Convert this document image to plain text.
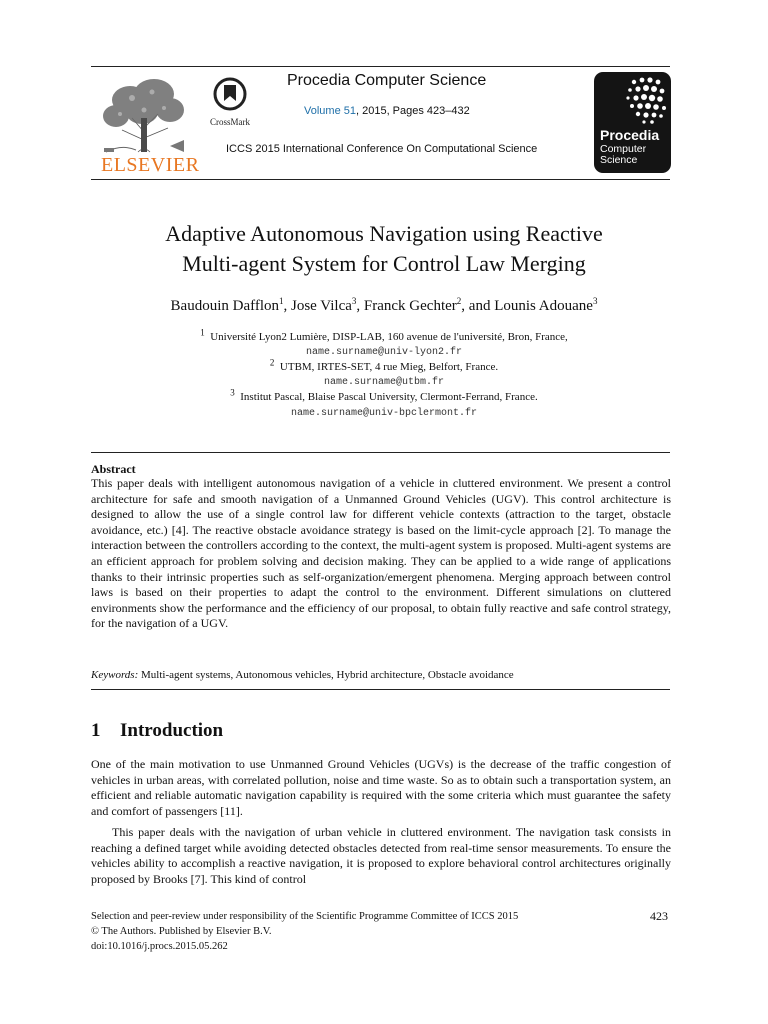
ELSEVIER
CrossMark
Procedia Computer Science
Volume 51, 2015, Pages 423–432
ICCS 2015 International Conference On Computational Science
Procedia
Computer Science
Adaptive Autonomous Navigation using Reactive
Multi-agent System for Control Law Merging
Baudouin Dafflon$^1$, Jose Vilca$^3$, Franck Gechter$^2$, and Lounis Adouane$^3$
$^1$ Université Lyon2 Lumière, DISP-LAB, 160 avenue de l'université, Bron, France,
name.surname@univ-lyon2.fr
$^2$ UTBM, IRTES-SET, 4 rue Mieg, Belfort, France.
name.surname@utbm.fr
$^3$ Institut Pascal, Blaise Pascal University, Clermont-Ferrand, France.
name.surname@univ-bpclermont.fr
Abstract
This paper deals with intelligent autonomous navigation of a vehicle in cluttered environment. We present a control architecture for safe and smooth navigation of a Unmanned Ground Vehicles (UGV). This control architecture is designed to allow the use of a single control law for different vehicle contexts (attraction to the target, obstacle avoidance, etc.) [4]. The reactive obstacle avoidance strategy is based on the limit-cycle approach [2]. To manage the interaction between the controllers according to the context, the multi-agent system is proposed. Multi-agent systems are an efficient approach for problem solving and decision making. They can be applied to a wide range of applications thanks to their intrinsic properties such as self-organization/emergent phenomena. Merging approach between control laws is based on their properties to adapt the control to the environment. Different simulations on cluttered environments show the performance and the efficiency of our proposal, to obtain fully reactive and safe control strategy, for the navigation of a UGV.
Keywords: Multi-agent systems, Autonomous vehicles, Hybrid architecture, Obstacle avoidance
1 Introduction
One of the main motivation to use Unmanned Ground Vehicles (UGVs) is the decrease of the traffic congestion of vehicles in urban areas, with correlated pollution, noise and time waste. So as to obtain such a transportation system, an efficient and reliable automatic navigation capability is required with the some criteria which must guarantee the safety and comfort of passengers [11].
This paper deals with the navigation of urban vehicle in cluttered environment. The navigation task consists in reaching a defined target while avoiding detected obstacles detected from real-time sensor measurements. To ensure the vehicles ability to accomplish a reactive navigation, it is proposed to explore behavioral control architectures originally proposed by Brooks [7]. This kind of control
Selection and peer-review under responsibility of the Scientific Programme Committee of ICCS 2015
© The Authors. Published by Elsevier B.V.
doi:10.1016/j.procs.2015.05.262
423
